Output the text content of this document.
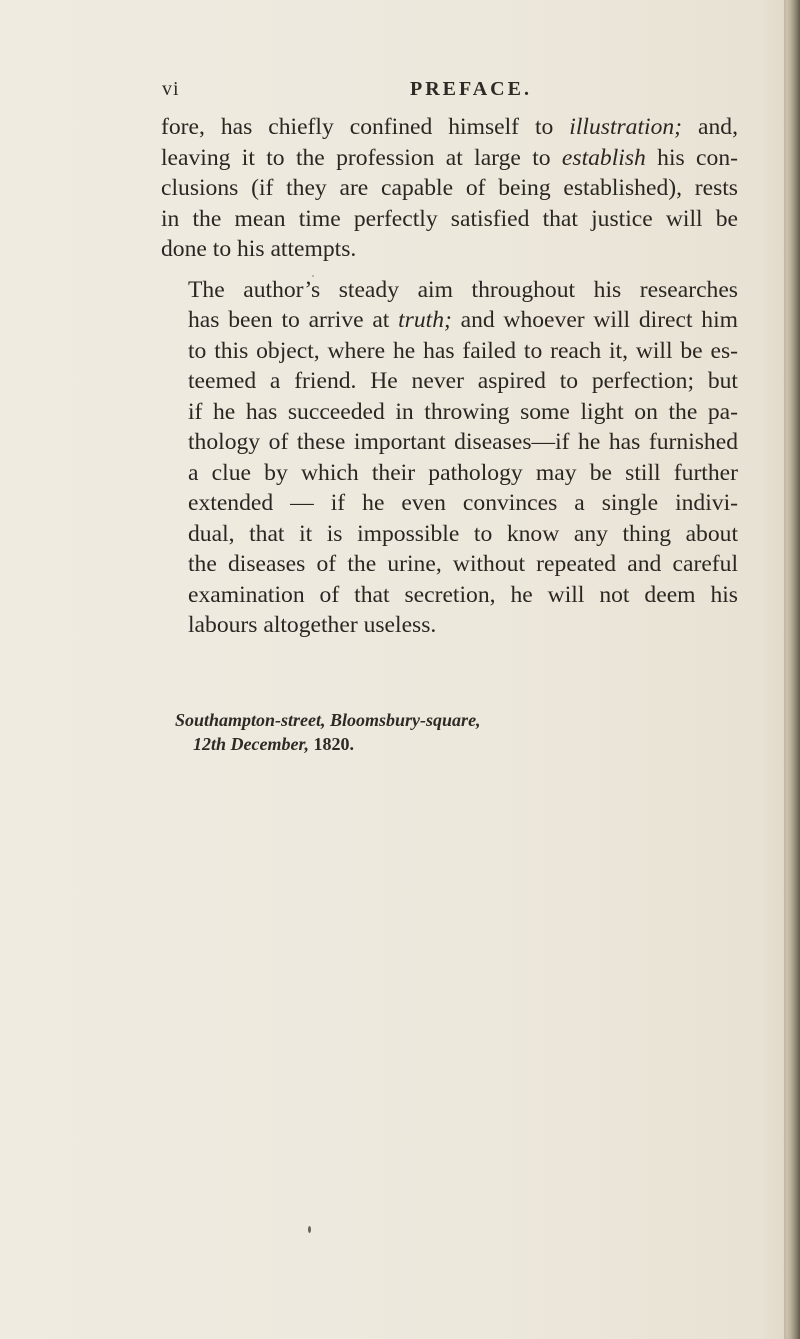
vi	PREFACE.

fore, has chiefly confined himself to illustration; and,
leaving it to the profession at large to establish his con-
clusions (if they are capable of being established), rests
in the mean time perfectly satisfied that justice will be
done to his attempts.

The author’s steady aim throughout his researches
has been to arrive at truth; and whoever will direct him
to this object, where he has failed to reach it, will be es-
teemed a friend. He never aspired to perfection; but
if he has succeeded in throwing some light on the pa-
thology of these important diseases—if he has furnished
a clue by which their pathology may be still further
extended — if he even convinces a single indivi-
dual, that it is impossible to know any thing about
the diseases of the urine, without repeated and careful
examination of that secretion, he will not deem his
labours altogether useless.

Southampton-street, Bloomsbury-square,
12th December, 1820.
